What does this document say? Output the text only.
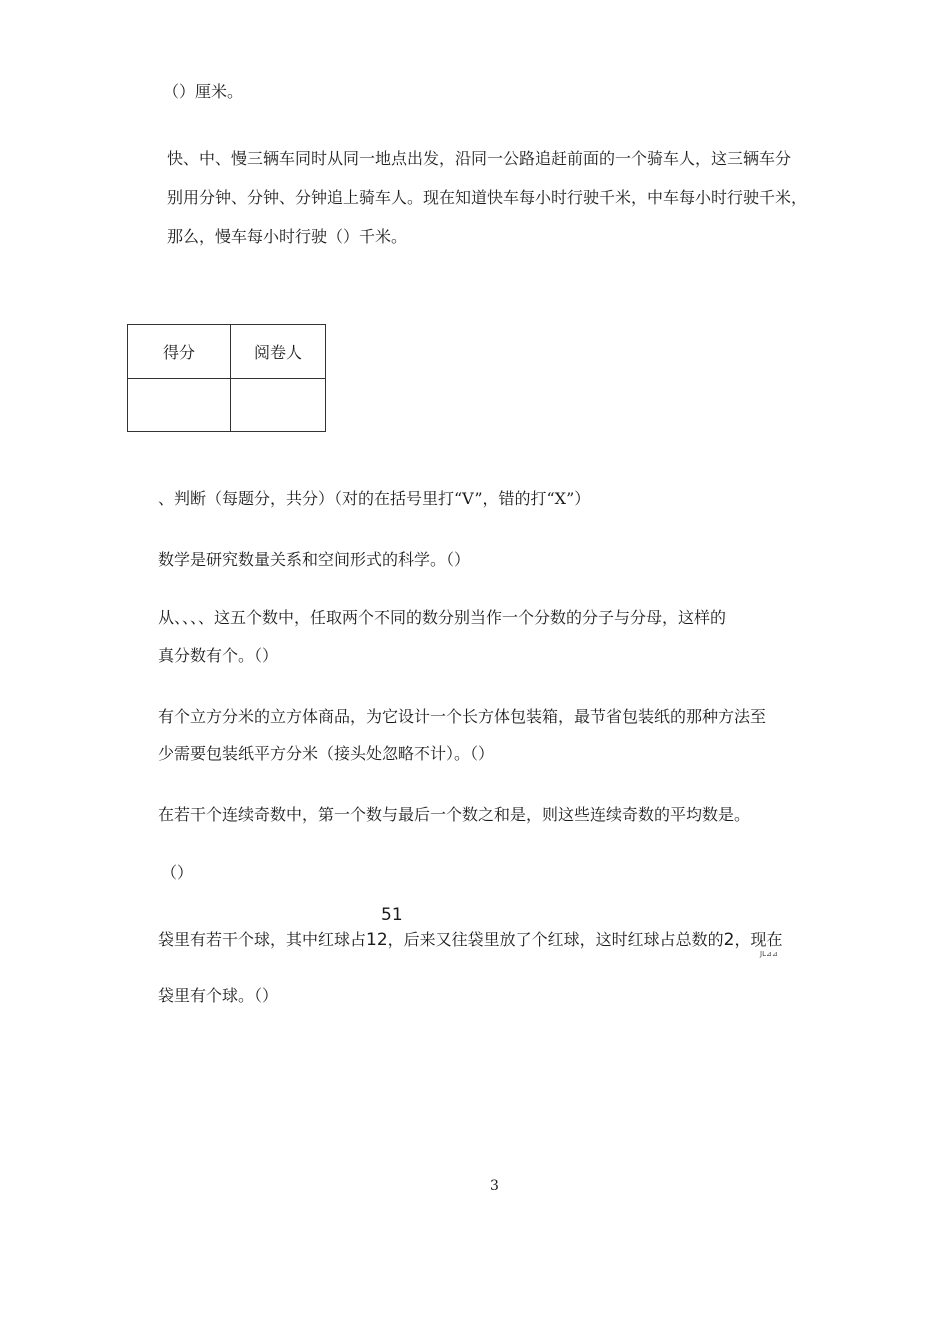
（）厘米。
快、中、慢三辆车同时从同一地点出发，沿同一公路追赶前面的一个骑车人，这三辆车分
别用分钟、分钟、分钟追上骑车人。现在知道快车每小时行驶千米，中车每小时行驶千米，
那么，慢车每小时行驶（）千米。
得分	阅卷人

、判断（每题分，共分）（对的在括号里打“V”，错的打“X”）
数学是研究数量关系和空间形式的科学。（）
从、、、、这五个数中，任取两个不同的数分别当作一个分数的分子与分母，这样的
真分数有个。（）
有个立方分米的立方体商品，为它设计一个长方体包装箱，最节省包装纸的那种方法至
少需要包装纸平方分米（接头处忽略不计）。（）
在若干个连续奇数中，第一个数与最后一个数之和是，则这些连续奇数的平均数是。
（）
51
袋里有若干个球，其中红球占12，后来又往袋里放了个红球，这时红球占总数的2，现在
JL⊿⊿
袋里有个球。（）
3
